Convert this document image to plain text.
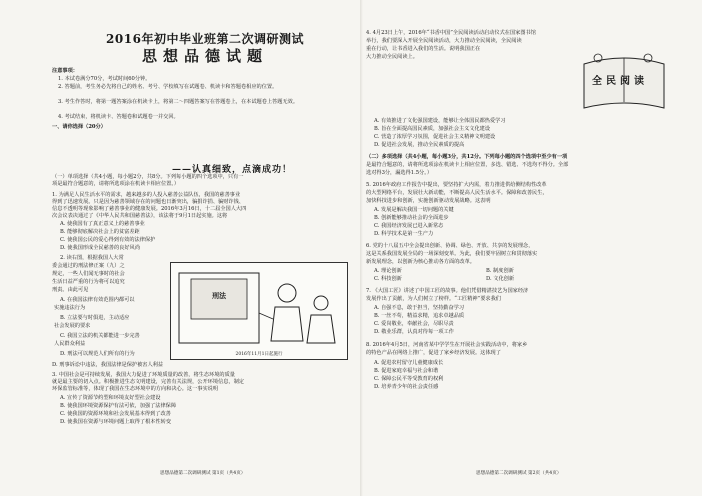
2016年初中毕业班第二次调研测试
思想品德试题
注意事项：
1. 本试卷满分70分，考试时间60分钟。
2. 答题前，考生务必先将自己的姓名、考号、学校填写在试题卷、机读卡和答题卷相应的位置。
3. 考生作答时，将第一题答案涂在机读卡上，将第二～四题答案写在答题卷上，在本试题卷上答题无效。
4. 考试结束，将机读卡、答题卷和试题卷一并交回。
一、请你选择（20分）
——认真细致，点滴成功！
（一）单项选择（共4小题，每小题2分，共8分。下列每小题的四个选项中，只有一
项是最符合题意的，请将所选项涂在机读卡相应位置。）
1. 为满足人民生活水平的需求，越来越多的人投入慈善公益队伍，我国的慈善事业
得到了迅速发展。只是因为慈善领域存在的问题也日渐突出，骗捐诈捐、骗财诈钱、
信息不透明等现象影响了慈善事业的健康发展。2016年3月16日，十二届全国人大四
次会议表决通过了《中华人民共和国慈善法》，该法将于9月1日起实施。这将
A. 使我国有了真正意义上的慈善事业
B. 能够彻底解决社会上的贫富差距
C. 使我国公民的爱心得到有效的法律保护
D. 使我国形成全民慈善的良好风尚
2. 读右图，根据我国人大常
委会通过的刑法修正案（九）之
规定，一些人们闻无事时的社会
生活日益严重的行为将可以追究
刑责。由此可见
A. 在我国法律有效范围内都可以
实施违法行为
B. 立法要与时俱进，主动适应
社会发展的要求
C. 我国立法的机关都能进一步完善
人民群众利益
D. 刑法可以规范人们所有的行为
刑法
2016年11月1日起施行
D. 刑事诉讼中违法，我国法律是保护被害人利益
3. 中国社会是可持续发展，我国大力促进了环境质量的改善，将生态环境的质量
就是最主要的切入点。积极推进生态文明建设，完善有关法规，公开环境信息，制定
环保监管标准等，体现了我国在生态环境中的方向和决心。这一事实说明
A. 宣传了资源节约型和环境友好型社会建设
B. 使我国环境资源保护有法可依，加强了法律保障
C. 使我国的资源环境和社会发展基本得到了改善
D. 使我国在资源与环境问题上取得了根本性转变
思想品德第二次调研测试 第1页（共4页）
4. 4月23日上午，2016年“书香中国”全民阅读活动启动仪式在国家图书馆
举行，我们要深入开展全民阅读活动，大力推动全民阅读，全民阅读
重在行动，让书香进入我们的生活。说明我国正在
大力推动全民阅读上。
全民阅读
A. 有效推进了文化强国建设，能够让全体国民都热爱学习
B. 旨在全面提高国民素质，加强社会主义文化建设
C. 营造了浓厚学习氛围，促进社会主义精神文明建设
D. 促进社会发展，推动全民素质的提高
（二）多项选择（共4小题，每小题3分，共12分。下列每小题的四个选项中至少有一项
是最符合题意的，请将所选项涂在机读卡上相应位置，多选、错选、不选均不得分。全部
选对得3分，漏选得1.5分。）
5. 2016年政府工作报告中提出，要坚持扩大内需，着力推进供给侧结构性改革
的大型网络平台，发展壮大新动能，不断提高人民生活水平。保障和改善民生，
加快科技进步和创新，实施创新驱动发展战略。这表明
A. 发展是解决我国一切问题的关键
B. 创新能够推动社会的全面进步
C. 我国经济发展已进入新常态
D. 科学技术是第一生产力
6. 党的十八届五中全会提出创新、协调、绿色、开放、共享的发展理念，
这是关系我国发展全局的一场深刻变革。为此，我们要牢固树立和贯彻落实
新发展理念，以创新为核心推动各方面的改革。
A. 理论创新	B. 制度创新
C. 科技创新	D. 文化创新
7. 《大国工匠》讲述了中国工匠的故事。他们凭借精湛技艺为国家经济
发展作出了贡献，为人们树立了榜样。“工匠精神”要求我们
A. 自强不息，敢于担当，坚持勤奋学习
B. 一丝不苟，精益求精，追求卓越品质
C. 爱岗敬业，奉献社会，尽职尽责
D. 敬业乐群，认真对待每一项工作
8. 2016年4月5日，河南省某中学学生在开展社会实践活动中，将家乡
的特色产品在网络上推广，促进了家乡经济发展。这体现了
A. 促进农村留守儿童健康成长
B. 促进家庭幸福与社会和谐
C. 保障公民平等受教育的权利
D. 培养青少年的社会责任感
思想品德第二次调研测试 第2页（共4页）
